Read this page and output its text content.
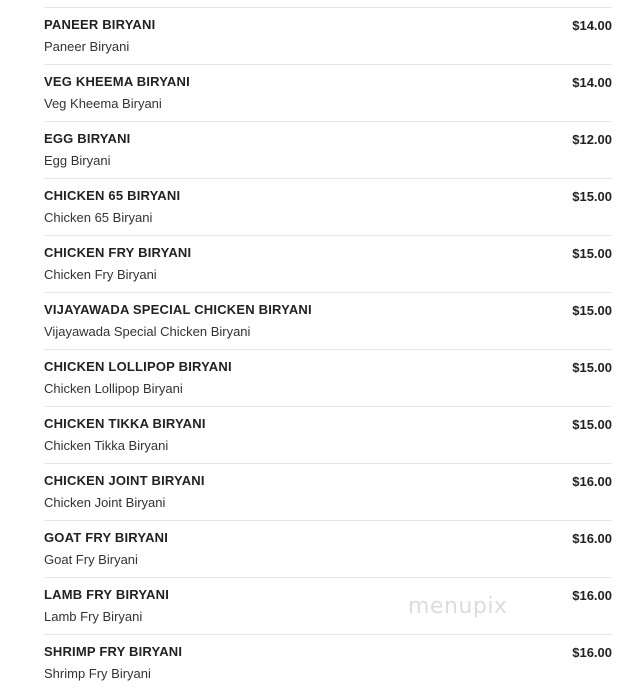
PANEER BIRYANI
Paneer Biryani
$14.00
VEG KHEEMA BIRYANI
Veg Kheema Biryani
$14.00
EGG BIRYANI
Egg Biryani
$12.00
CHICKEN 65 BIRYANI
Chicken 65 Biryani
$15.00
CHICKEN FRY BIRYANI
Chicken Fry Biryani
$15.00
VIJAYAWADA SPECIAL CHICKEN BIRYANI
Vijayawada Special Chicken Biryani
$15.00
CHICKEN LOLLIPOP BIRYANI
Chicken Lollipop Biryani
$15.00
CHICKEN TIKKA BIRYANI
Chicken Tikka Biryani
$15.00
CHICKEN JOINT BIRYANI
Chicken Joint Biryani
$16.00
GOAT FRY BIRYANI
Goat Fry Biryani
$16.00
LAMB FRY BIRYANI
Lamb Fry Biryani
$16.00
SHRIMP FRY BIRYANI
Shrimp Fry Biryani
$16.00
menupix
